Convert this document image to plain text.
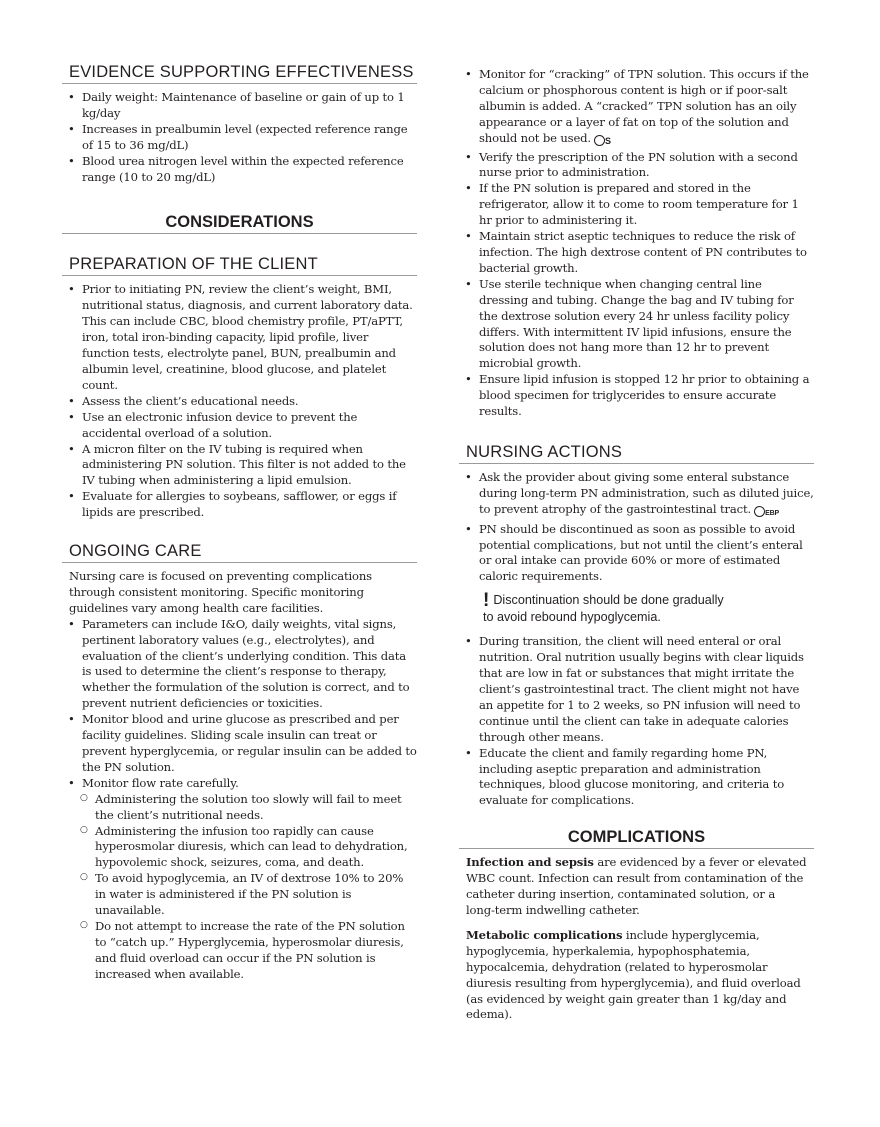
EVIDENCE SUPPORTING EFFECTIVENESS
• Daily weight: Maintenance of baseline or gain of up to 1 kg/day
• Increases in prealbumin level (expected reference range of 15 to 36 mg/dL)
• Blood urea nitrogen level within the expected reference range (10 to 20 mg/dL)
CONSIDERATIONS
PREPARATION OF THE CLIENT
• Prior to initiating PN, review the client’s weight, BMI, nutritional status, diagnosis, and current laboratory data. This can include CBC, blood chemistry profile, PT/aPTT, iron, total iron‑binding capacity, lipid profile, liver function tests, electrolyte panel, BUN, prealbumin and albumin level, creatinine, blood glucose, and platelet count.
• Assess the client’s educational needs.
• Use an electronic infusion device to prevent the accidental overload of a solution.
• A micron filter on the IV tubing is required when administering PN solution. This filter is not added to the IV tubing when administering a lipid emulsion.
• Evaluate for allergies to soybeans, safflower, or eggs if lipids are prescribed.
ONGOING CARE

Nursing care is focused on preventing complications through consistent monitoring. Specific monitoring guidelines vary among health care facilities.

• Parameters can include I&O, daily weights, vital signs, pertinent laboratory values (e.g., electrolytes), and evaluation of the client’s underlying condition. This data is used to determine the client’s response to therapy, whether the formulation of the solution is correct, and to prevent nutrient deficiencies or toxicities.
• Monitor blood and urine glucose as prescribed and per facility guidelines. Sliding scale insulin can treat or prevent hyperglycemia, or regular insulin can be added to the PN solution.
• Monitor flow rate carefully.
○ Administering the solution too slowly will fail to meet the client’s nutritional needs.
○ Administering the infusion too rapidly can cause hyperosmolar diuresis, which can lead to dehydration, hypovolemic shock, seizures, coma, and death.
○ To avoid hypoglycemia, an IV of dextrose 10% to 20% in water is administered if the PN solution is unavailable.
○ Do not attempt to increase the rate of the PN solution to “catch up.” Hyperglycemia, hyperosmolar diuresis, and fluid overload can occur if the PN solution is increased when available.
• Monitor for “cracking” of TPN solution. This occurs if the calcium or phosphorous content is high or if poor‑salt albumin is added. A “cracked” TPN solution has an oily appearance or a layer of fat on top of the solution and should not be used. S
• Verify the prescription of the PN solution with a second nurse prior to administration.
• If the PN solution is prepared and stored in the refrigerator, allow it to come to room temperature for 1 hr prior to administering it.
• Maintain strict aseptic techniques to reduce the risk of infection. The high dextrose content of PN contributes to bacterial growth.
• Use sterile technique when changing central line dressing and tubing. Change the bag and IV tubing for the dextrose solution every 24 hr unless facility policy differs. With intermittent IV lipid infusions, ensure the solution does not hang more than 12 hr to prevent microbial growth.
• Ensure lipid infusion is stopped 12 hr prior to obtaining a blood specimen for triglycerides to ensure accurate results.
NURSING ACTIONS
• Ask the provider about giving some enteral substance during long‑term PN administration, such as diluted juice, to prevent atrophy of the gastrointestinal tract. EBP
• PN should be discontinued as soon as possible to avoid potential complications, but not until the client’s enteral or oral intake can provide 60% or more of estimated caloric requirements.
! Discontinuation should be done gradually
to avoid rebound hypoglycemia.
• During transition, the client will need enteral or oral nutrition. Oral nutrition usually begins with clear liquids that are low in fat or substances that might irritate the client’s gastrointestinal tract. The client might not have an appetite for 1 to 2 weeks, so PN infusion will need to continue until the client can take in adequate calories through other means.
• Educate the client and family regarding home PN, including aseptic preparation and administration techniques, blood glucose monitoring, and criteria to evaluate for complications.
COMPLICATIONS

Infection and sepsis are evidenced by a fever or elevated WBC count. Infection can result from contamination of the catheter during insertion, contaminated solution, or a long‑term indwelling catheter.

Metabolic complications include hyperglycemia, hypoglycemia, hyperkalemia, hypophosphatemia, hypocalcemia, dehydration (related to hyperosmolar diuresis resulting from hyperglycemia), and fluid overload (as evidenced by weight gain greater than 1 kg/day and edema).
